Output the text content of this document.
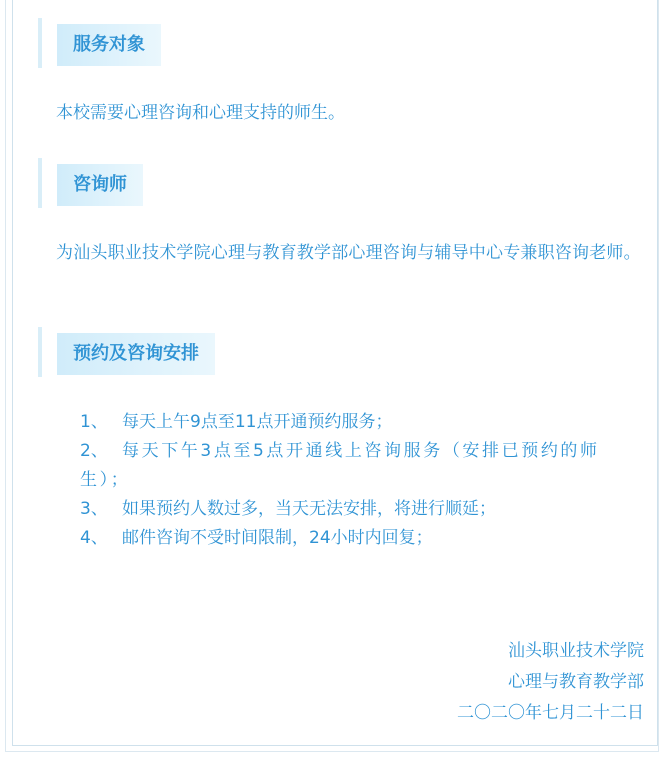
服务对象
本校需要心理咨询和心理支持的师生。
咨询师
为汕头职业技术学院心理与教育教学部心理咨询与辅导中心专兼职咨询老师。
预约及咨询安排
1、 每天上午9点至11点开通预约服务；
2、 每天下午3点至5点开通线上咨询服务（安排已预约的师生）；
3、 如果预约人数过多，当天无法安排，将进行顺延；
4、 邮件咨询不受时间限制，24小时内回复；
汕头职业技术学院
心理与教育教学部
二〇二〇年七月二十二日
